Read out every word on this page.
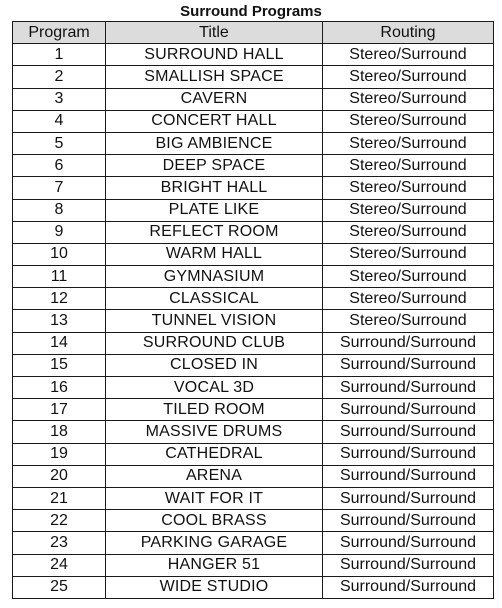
Surround Programs
Program	Title	Routing
1	SURROUND HALL	Stereo/Surround
2	SMALLISH SPACE	Stereo/Surround
3	CAVERN	Stereo/Surround
4	CONCERT HALL	Stereo/Surround
5	BIG AMBIENCE	Stereo/Surround
6	DEEP SPACE	Stereo/Surround
7	BRIGHT HALL	Stereo/Surround
8	PLATE LIKE	Stereo/Surround
9	REFLECT ROOM	Stereo/Surround
10	WARM HALL	Stereo/Surround
11	GYMNASIUM	Stereo/Surround
12	CLASSICAL	Stereo/Surround
13	TUNNEL VISION	Stereo/Surround
14	SURROUND CLUB	Surround/Surround
15	CLOSED IN	Surround/Surround
16	VOCAL 3D	Surround/Surround
17	TILED ROOM	Surround/Surround
18	MASSIVE DRUMS	Surround/Surround
19	CATHEDRAL	Surround/Surround
20	ARENA	Surround/Surround
21	WAIT FOR IT	Surround/Surround
22	COOL BRASS	Surround/Surround
23	PARKING GARAGE	Surround/Surround
24	HANGER 51	Surround/Surround
25	WIDE STUDIO	Surround/Surround
